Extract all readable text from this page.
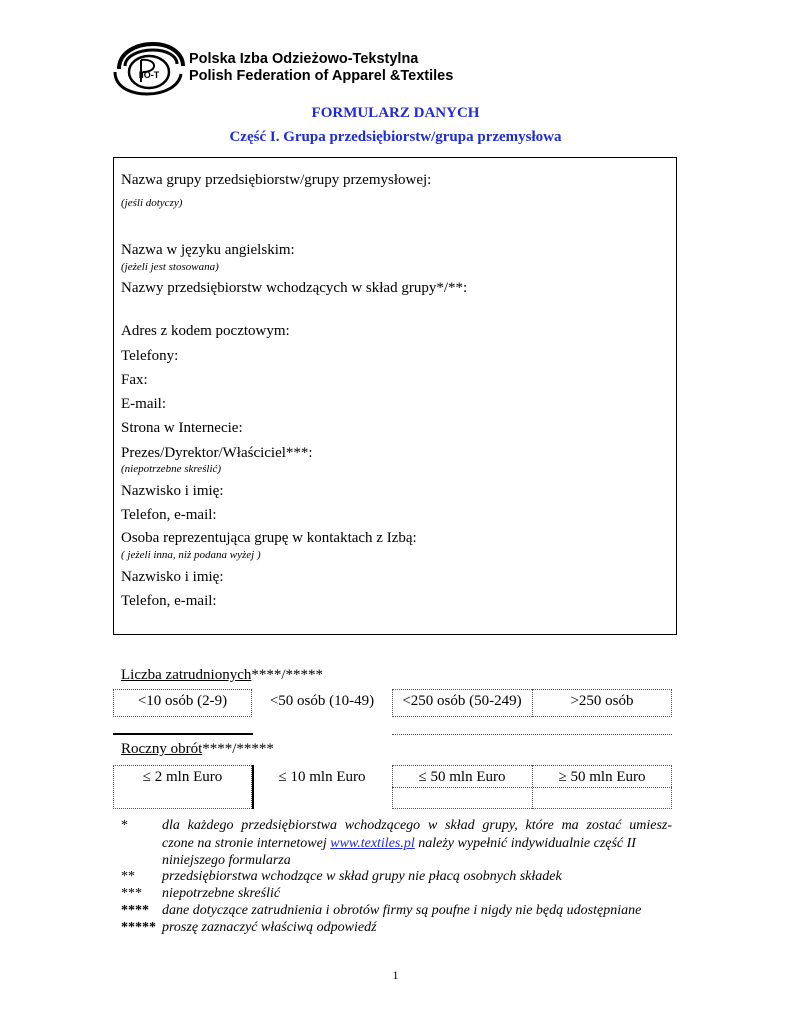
IIO-T
Polska Izba Odzieżowo-Tekstylna
Polish Federation of Apparel &Textiles
FORMULARZ DANYCH
Część I. Grupa przedsiębiorstw/grupa przemysłowa
Nazwa grupy przedsiębiorstw/grupy przemysłowej:
(jeśli dotyczy)
Nazwa w języku angielskim:
(jeżeli jest stosowana)
Nazwy przedsiębiorstw wchodzących w skład grupy*/**:
Adres z kodem pocztowym:
Telefony:
Fax:
E-mail:
Strona w Internecie:
Prezes/Dyrektor/Właściciel***:
(niepotrzebne skreślić)
Nazwisko i imię:
Telefon, e-mail:
Osoba reprezentująca grupę w kontaktach z Izbą:
( jeżeli inna, niż podana wyżej )
Nazwisko i imię:
Telefon, e-mail:
Liczba zatrudnionych****/*****
<10 osób (2-9)	<50 osób (10-49)	<250 osób (50-249)	>250 osób
Roczny obrót****/*****
≤ 2 mln Euro	≤ 10 mln Euro	≤ 50 mln Euro	≥ 50 mln Euro
* dla każdego przedsiębiorstwa wchodzącego w skład grupy, które ma zostać umiesz-
czone na stronie internetowej www.textiles.pl należy wypełnić indywidualnie część II
niniejszego formularza
** przedsiębiorstwa wchodzące w skład grupy nie płacą osobnych składek
*** niepotrzebne skreślić
**** dane dotyczące zatrudnienia i obrotów firmy są poufne i nigdy nie będą udostępniane
***** proszę zaznaczyć właściwą odpowiedź
1
